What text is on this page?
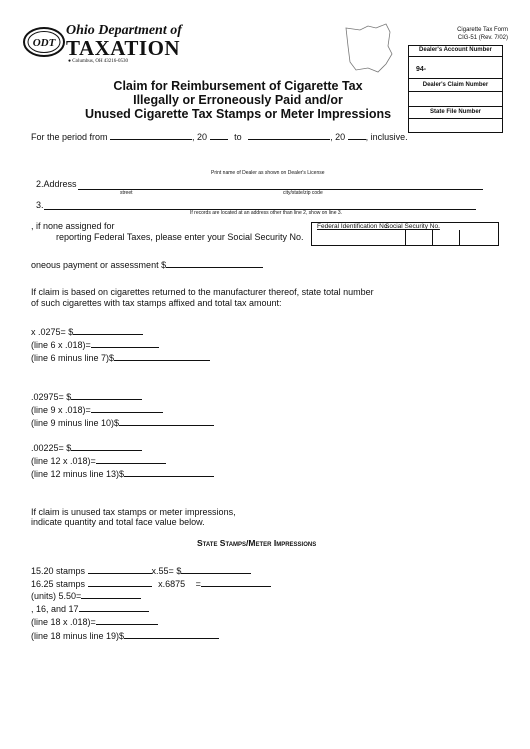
ODT
Ohio Department of
TAXATION
● Columbus, OH 43216-0530
Cigarette Tax Form
CIG-51 (Rev. 7/02)
Dealer's Account Number
94-
Dealer's Claim Number
State File Number
Claim for Reimbursement of Cigarette Tax
Illegally or Erroneously Paid and/or
Unused Cigarette Tax Stamps or Meter Impressions
For the period from	, 20	to	, 20 , inclusive.
Print name of Dealer as shown on Dealer's License
2.Address
street	city/state/zip code
3.
If records are located at an address other than line 2, show on line 3.
, if none assigned for
reporting Federal Taxes, please enter your Social Security No.
Federal Identification No.
Social Security No.
oneous payment or assessment $
If claim is based on cigarettes returned to the manufacturer thereof, state total number
of such cigarettes with tax stamps affixed and total tax amount:
x .0275= $
(line 6 x .018)=
(line 6 minus line 7)$
.02975= $
(line 9 x .018)=
(line 9 minus line 10)$
.00225= $
(line 12 x .018)=
(line 12 minus line 13)$
If claim is unused tax stamps or meter impressions,
indicate quantity and total face value below.
State Stamps/Meter Impressions
15.20 stamps	x.55= $
16.25 stamps	x.6875 =
(units) 5.50=
, 16, and 17
(line 18 x .018)=
(line 18 minus line 19)$
